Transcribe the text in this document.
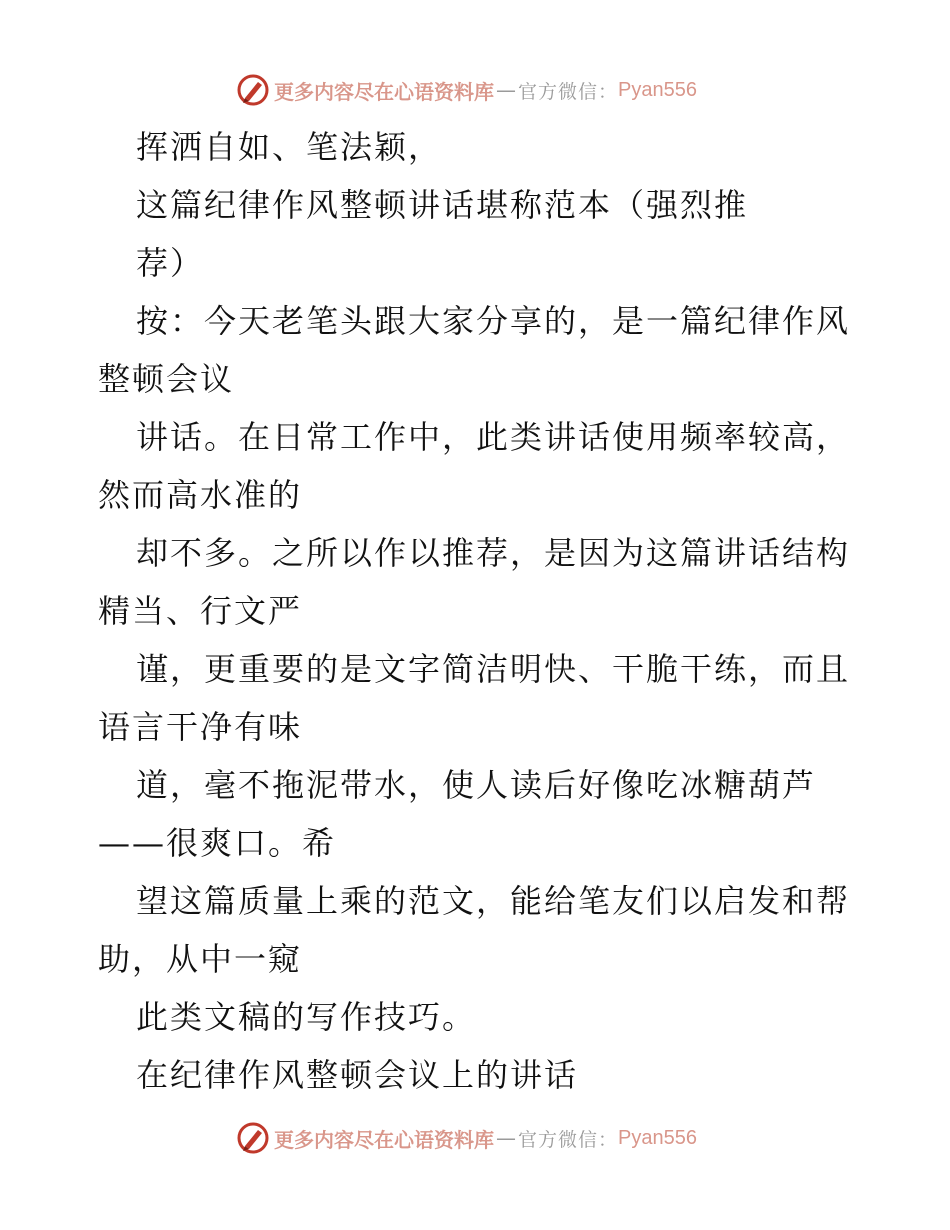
更多内容尽在心语资料库 — 官方微信： Pyan556
挥洒自如、笔法颖，
这篇纪律作风整顿讲话堪称范本（强烈推
荐）
按：今天老笔头跟大家分享的，是一篇纪律作风
整顿会议
讲话。在日常工作中，此类讲话使用频率较高，
然而高水准的
却不多。之所以作以推荐，是因为这篇讲话结构
精当、行文严
谨，更重要的是文字简洁明快、干脆干练，而且
语言干净有味
道，毫不拖泥带水，使人读后好像吃冰糖葫芦
——很爽口。希
望这篇质量上乘的范文，能给笔友们以启发和帮
助，从中一窥
此类文稿的写作技巧。
在纪律作风整顿会议上的讲话
更多内容尽在心语资料库 — 官方微信： Pyan556
